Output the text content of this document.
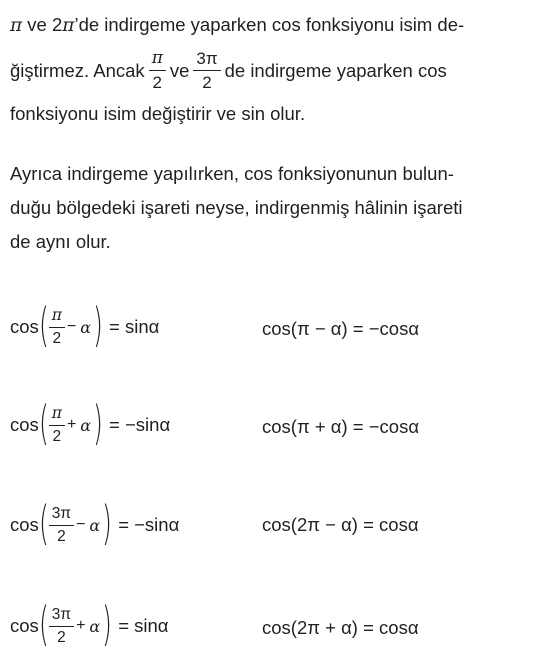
π ve 2π’de indirgeme yaparken cos fonksiyonu isim de-
ğiştirmez. Ancak $\frac{\pi}{2}$ ve $\frac{3\pi}{2}$ de indirgeme yaparken cos
fonksiyonu isim değiştirir ve sin olur.
Ayrıca indirgeme yapılırken, cos fonksiyonunun bulun-
duğu bölgedeki işareti neyse, indirgenmiş hâlinin işareti
de aynı olur.
cos ( $\frac{\pi}{2} - \alpha$ ) = sinα	cos(π − α) = −cosα
cos ( $\frac{\pi}{2} + \alpha$ ) = −sinα	cos(π + α) = −cosα
cos ( $\frac{3\pi}{2} - \alpha$ ) = −sinα	cos(2π − α) = cosα
cos ( $\frac{3\pi}{2} + \alpha$ ) = sinα	cos(2π + α) = cosα
